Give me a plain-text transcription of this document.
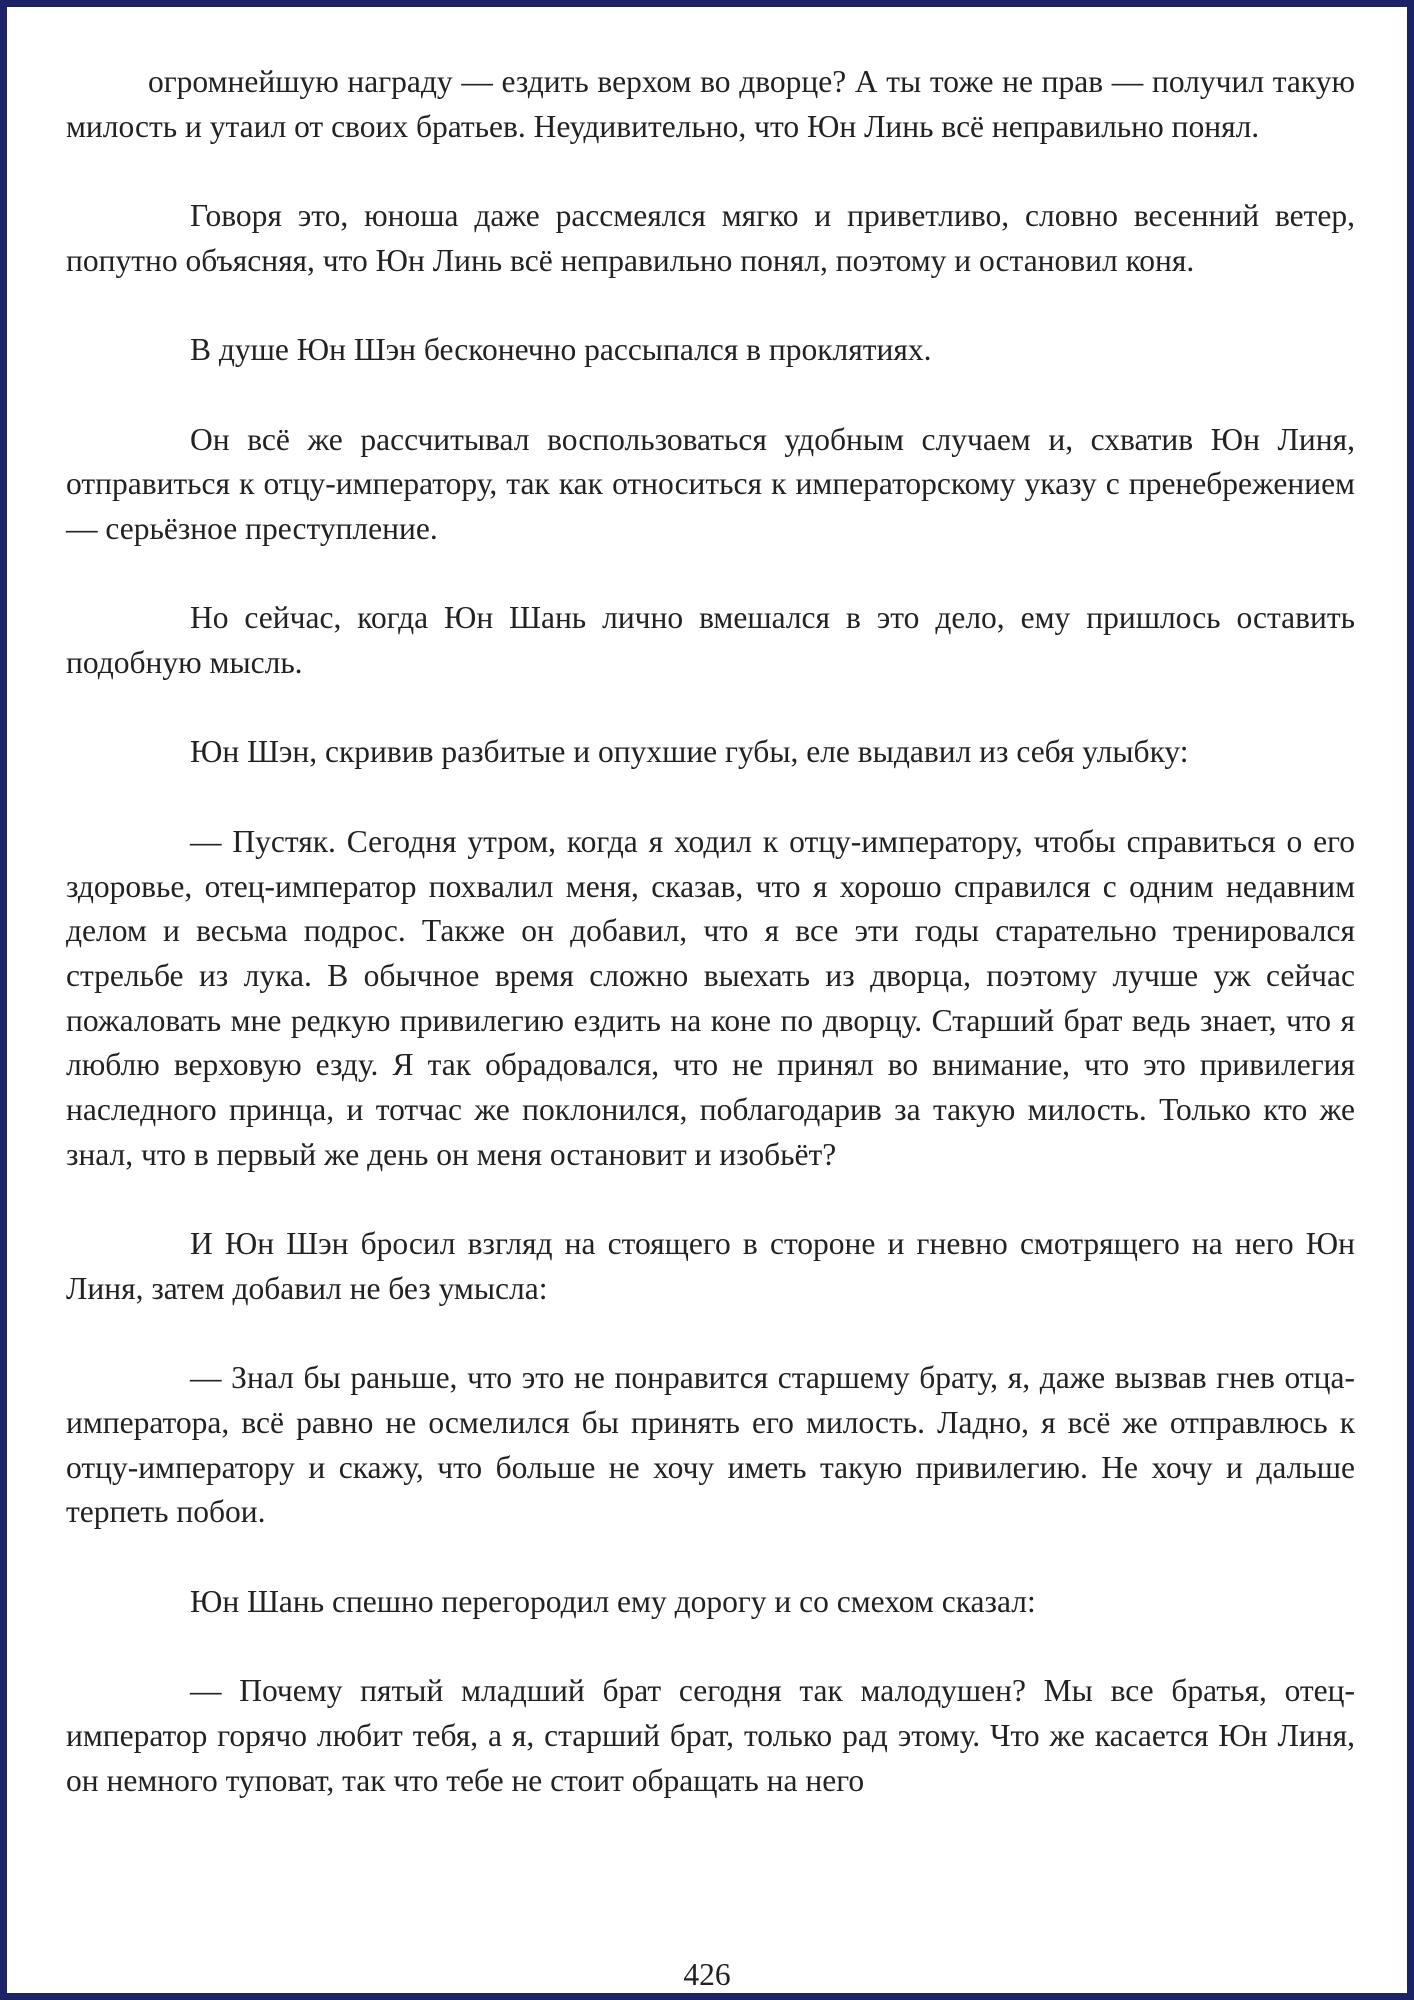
огромнейшую награду — ездить верхом во дворце? А ты тоже не прав — получил такую милость и утаил от своих братьев. Неудивительно, что Юн Линь всё неправильно понял.

Говоря это, юноша даже рассмеялся мягко и приветливо, словно весенний ветер, попутно объясняя, что Юн Линь всё неправильно понял, поэтому и остановил коня.

В душе Юн Шэн бесконечно рассыпался в проклятиях.

Он всё же рассчитывал воспользоваться удобным случаем и, схватив Юн Линя, отправиться к отцу-императору, так как относиться к императорскому указу с пренебрежением — серьёзное преступление.

Но сейчас, когда Юн Шань лично вмешался в это дело, ему пришлось оставить подобную мысль.

Юн Шэн, скривив разбитые и опухшие губы, еле выдавил из себя улыбку:

— Пустяк. Сегодня утром, когда я ходил к отцу-императору, чтобы справиться о его здоровье, отец-император похвалил меня, сказав, что я хорошо справился с одним недавним делом и весьма подрос. Также он добавил, что я все эти годы старательно тренировался стрельбе из лука. В обычное время сложно выехать из дворца, поэтому лучше уж сейчас пожаловать мне редкую привилегию ездить на коне по дворцу. Старший брат ведь знает, что я люблю верховую езду. Я так обрадовался, что не принял во внимание, что это привилегия наследного принца, и тотчас же поклонился, поблагодарив за такую милость. Только кто же знал, что в первый же день он меня остановит и изобьёт?

И Юн Шэн бросил взгляд на стоящего в стороне и гневно смотрящего на него Юн Линя, затем добавил не без умысла:

— Знал бы раньше, что это не понравится старшему брату, я, даже вызвав гнев отца-императора, всё равно не осмелился бы принять его милость. Ладно, я всё же отправлюсь к отцу-императору и скажу, что больше не хочу иметь такую привилегию. Не хочу и дальше терпеть побои.

Юн Шань спешно перегородил ему дорогу и со смехом сказал:

— Почему пятый младший брат сегодня так малодушен? Мы все братья, отец-император горячо любит тебя, а я, старший брат, только рад этому. Что же касается Юн Линя, он немного туповат, так что тебе не стоит обращать на него

426
